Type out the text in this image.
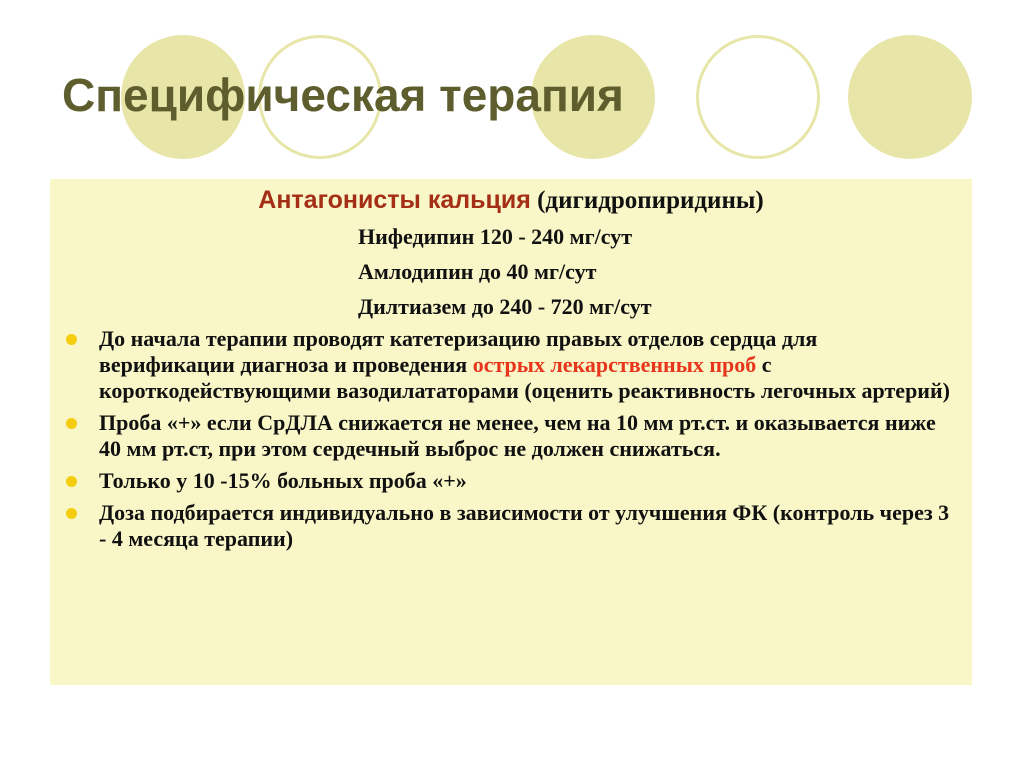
Специфическая терапия
Антагонисты кальция (дигидропиридины)
Нифедипин 120 - 240 мг/сут
Амлодипин до 40 мг/сут
Дилтиазем до 240 - 720 мг/сут
До начала терапии проводят катетеризацию правых отделов сердца для верификации диагноза и проведения острых лекарственных проб с короткодействующими вазодилататорами (оценить реактивность легочных артерий)
Проба «+» если СрДЛА снижается не менее, чем на 10 мм рт.ст. и оказывается ниже 40 мм рт.ст, при этом сердечный выброс не должен снижаться.
Только у 10 -15% больных проба «+»
Доза подбирается индивидуально в зависимости от улучшения ФК (контроль через 3 - 4 месяца терапии)
